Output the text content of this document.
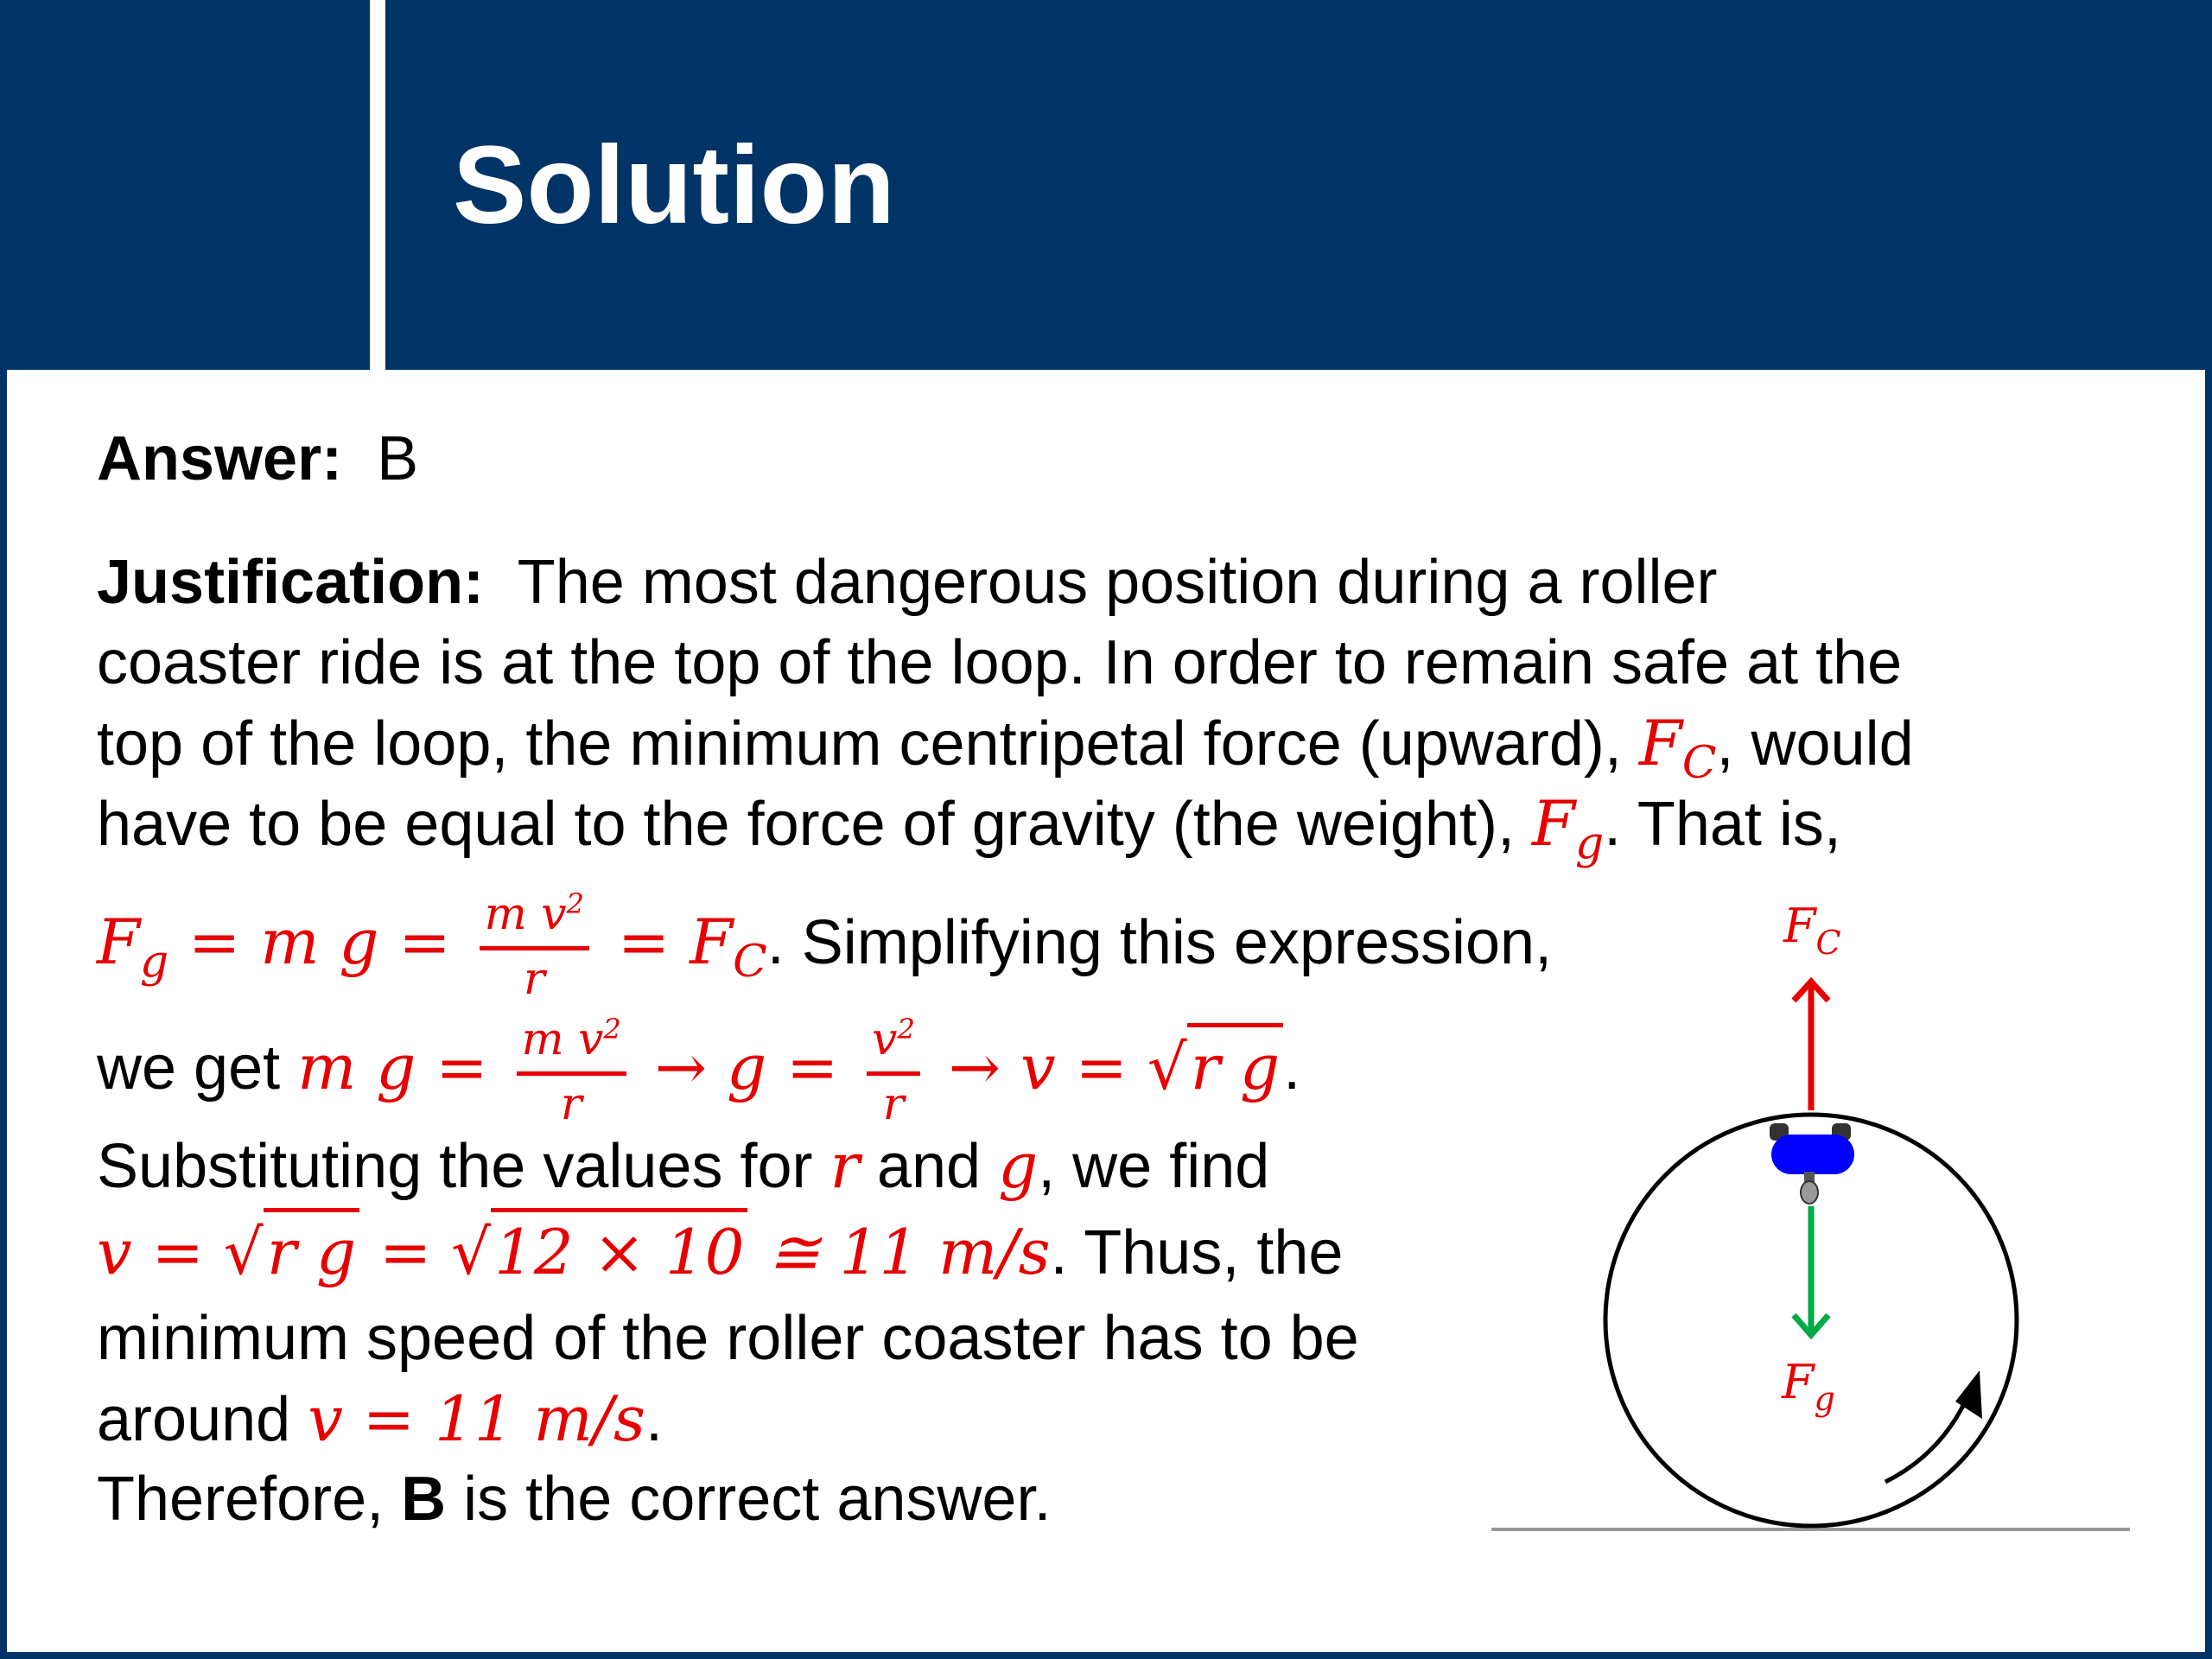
Solution
Answer: B
Justification: The most dangerous position during a roller
coaster ride is at the top of the loop. In order to remain safe at the
top of the loop, the minimum centripetal force (upward), $F_C$, would
have to be equal to the force of gravity (the weight), $F_g$. That is,
$F_g = m$ $g = \frac{m v^2}{r} = F_C$. Simplifying this expression,
we get m $g = \frac{m v^2}{r} \to g = \frac{v^2}{r} \to v = √r$ g.
Substituting the values for r and g, we find
v = √r g = √12 × 10 ≅ 11 m/s. Thus, the
minimum speed of the roller coaster has to be
around v = 11 m/s.
Therefore, B is the correct answer.
$F_C$
$F_g$
